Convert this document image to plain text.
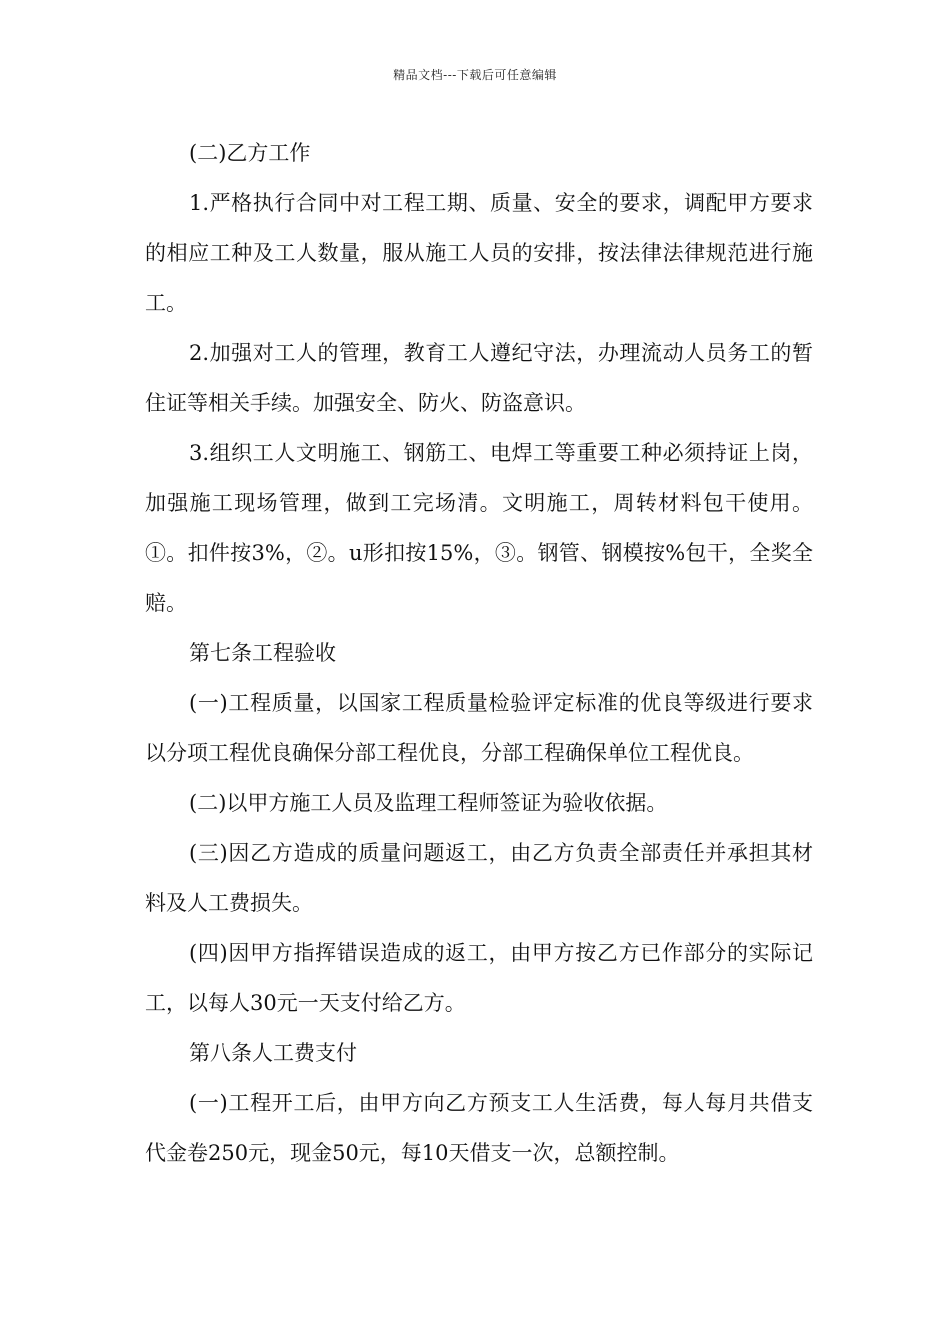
精品文档---下载后可任意编辑

(二)乙方工作

1.严格执行合同中对工程工期、质量、安全的要求，调配甲方要求的相应工种及工人数量，服从施工人员的安排，按法律法律规范进行施工。

2.加强对工人的管理，教育工人遵纪守法，办理流动人员务工的暂住证等相关手续。加强安全、防火、防盗意识。

3.组织工人文明施工、钢筋工、电焊工等重要工种必须持证上岗，加强施工现场管理，做到工完场清。文明施工，周转材料包干使用。①。扣件按3%，②。u形扣按15%，③。钢管、钢模按%包干，全奖全赔。

第七条工程验收

(一)工程质量，以国家工程质量检验评定标准的优良等级进行要求以分项工程优良确保分部工程优良，分部工程确保单位工程优良。

(二)以甲方施工人员及监理工程师签证为验收依据。

(三)因乙方造成的质量问题返工，由乙方负责全部责任并承担其材料及人工费损失。

(四)因甲方指挥错误造成的返工，由甲方按乙方已作部分的实际记工，以每人30元一天支付给乙方。

第八条人工费支付

(一)工程开工后，由甲方向乙方预支工人生活费，每人每月共借支代金卷250元，现金50元，每10天借支一次，总额控制。
